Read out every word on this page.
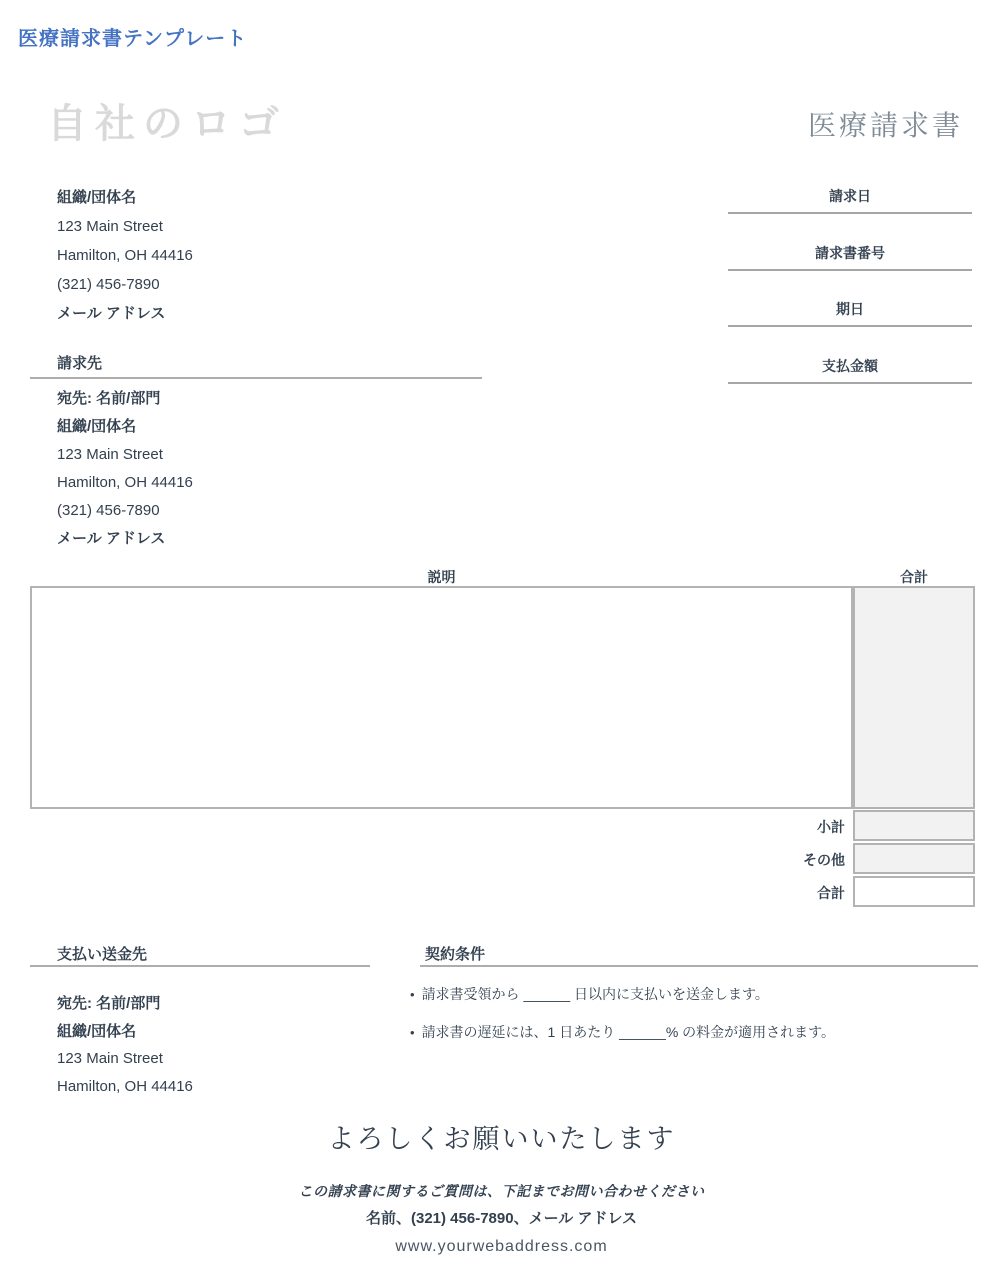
医療請求書テンプレート
自社のロゴ	医療請求書
組織/団体名
123 Main Street
Hamilton, OH 44416
(321) 456-7890
メール アドレス
請求日
請求書番号
期日
支払金額
請求先
宛先: 名前/部門
組織/団体名
123 Main Street
Hamilton, OH 44416
(321) 456-7890
メール アドレス
説明	合計
小計
その他
合計
支払い送金先
宛先: 名前/部門
組織/団体名
123 Main Street
Hamilton, OH 44416
契約条件
• 請求書受領から ______ 日以内に支払いを送金します。
• 請求書の遅延には、1 日あたり ______% の料金が適用されます。
よろしくお願いいたします
この請求書に関するご質問は、下記までお問い合わせください
名前、(321) 456-7890、メール アドレス
www.yourwebaddress.com
